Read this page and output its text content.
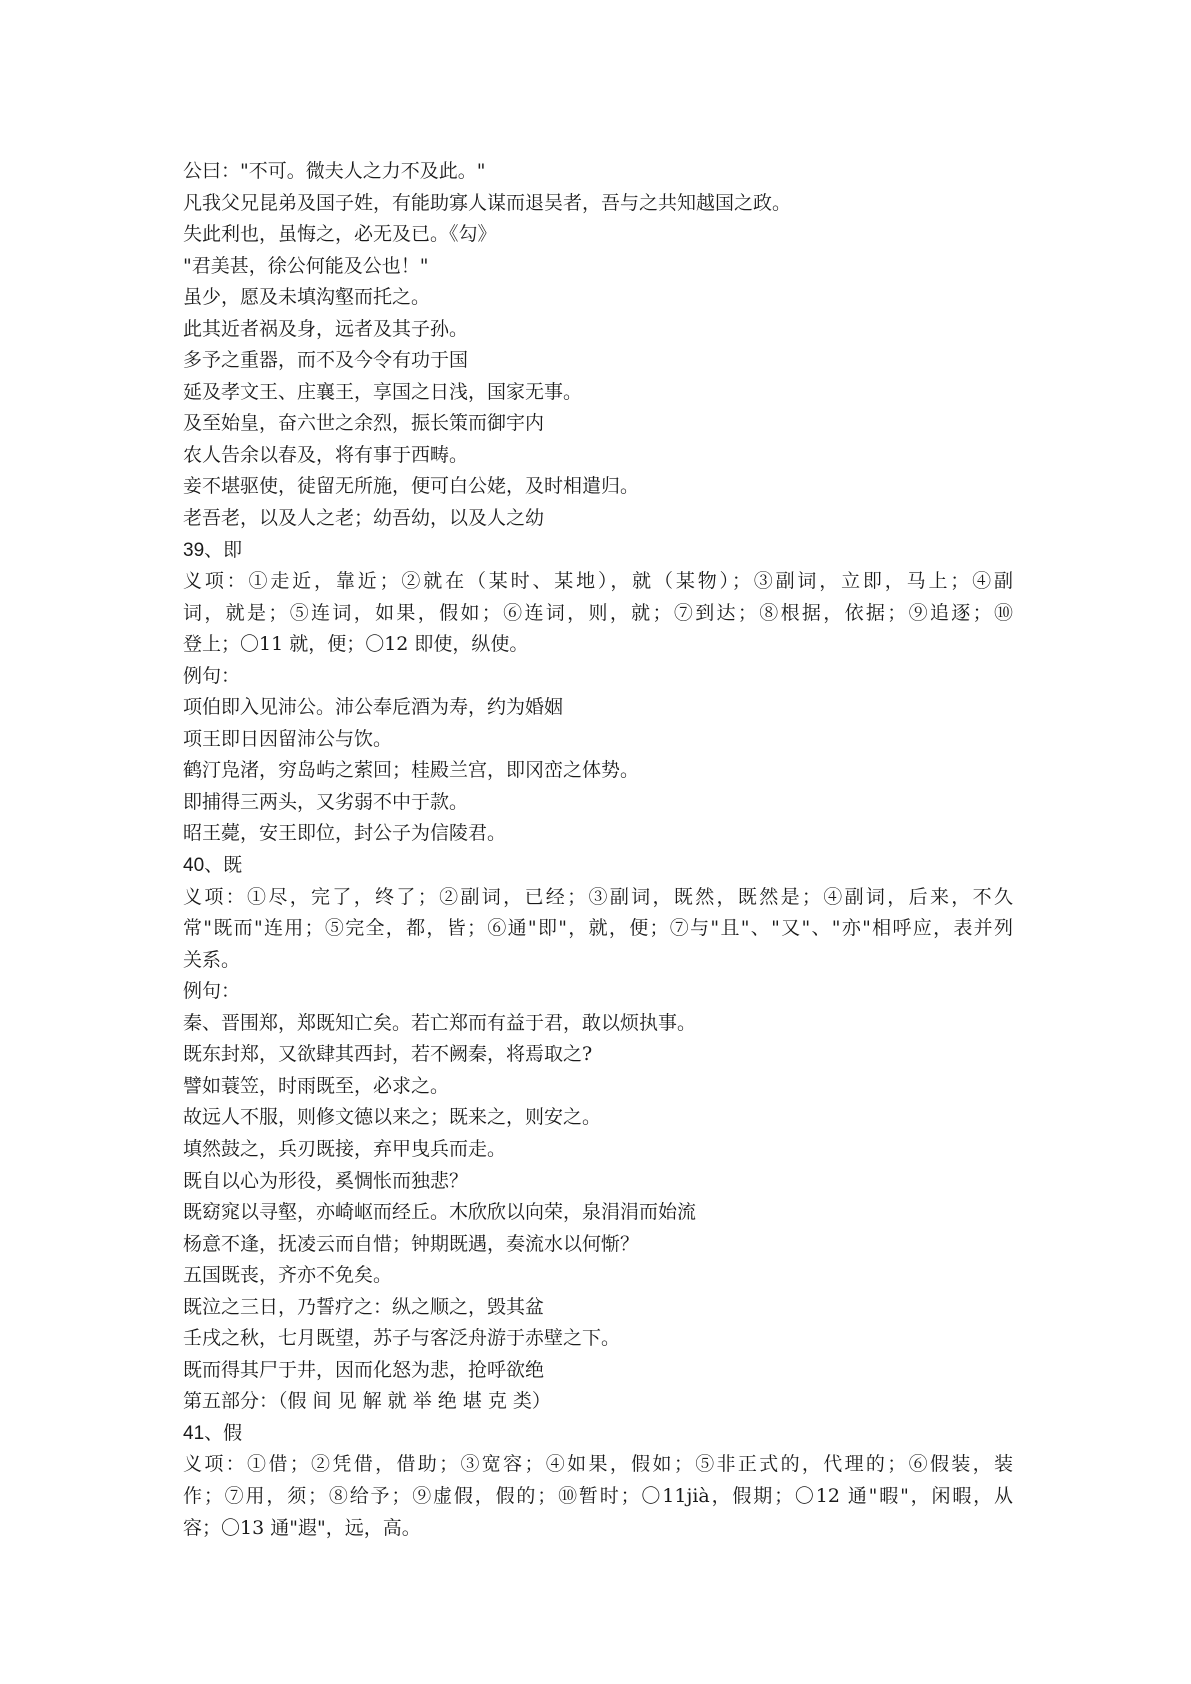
公曰："不可。微夫人之力不及此。"
凡我父兄昆弟及国子姓，有能助寡人谋而退吴者，吾与之共知越国之政。
失此利也，虽悔之，必无及已。《勾》
"君美甚，徐公何能及公也！"
虽少，愿及未填沟壑而托之。
此其近者祸及身，远者及其子孙。
多予之重器，而不及今令有功于国
延及孝文王、庄襄王，享国之日浅，国家无事。
及至始皇，奋六世之余烈，振长策而御宇内
农人告余以春及，将有事于西畴。
妾不堪驱使，徒留无所施，便可白公姥，及时相遣归。
老吾老，以及人之老；幼吾幼，以及人之幼
39、即
义项：①走近，靠近；②就在（某时、某地），就（某物）；③副词，立即，马上；④副
词，就是；⑤连词，如果，假如；⑥连词，则，就；⑦到达；⑧根据，依据；⑨追逐；⑩
登上；〇11 就，便；〇12 即使，纵使。
例句：
项伯即入见沛公。沛公奉卮酒为寿，约为婚姻
项王即日因留沛公与饮。
鹤汀凫渚，穷岛屿之萦回；桂殿兰宫，即冈峦之体势。
即捕得三两头，又劣弱不中于款。
昭王薨，安王即位，封公子为信陵君。
40、既
义项：①尽，完了，终了；②副词，已经；③副词，既然，既然是；④副词，后来，不久
常"既而"连用；⑤完全，都，皆；⑥通"即"，就，便；⑦与"且"、"又"、"亦"相呼应，表并列
关系。
例句：
秦、晋围郑，郑既知亡矣。若亡郑而有益于君，敢以烦执事。
既东封郑，又欲肆其西封，若不阙秦，将焉取之?
譬如蓑笠，时雨既至，必求之。
故远人不服，则修文德以来之；既来之，则安之。
填然鼓之，兵刃既接，弃甲曳兵而走。
既自以心为形役，奚惆怅而独悲？
既窈窕以寻壑，亦崎岖而经丘。木欣欣以向荣，泉涓涓而始流
杨意不逢，抚凌云而自惜；钟期既遇，奏流水以何惭？
五国既丧，齐亦不免矣。
既泣之三日，乃誓疗之：纵之顺之，毁其盆
壬戌之秋，七月既望，苏子与客泛舟游于赤壁之下。
既而得其尸于井，因而化怒为悲，抢呼欲绝
第五部分：（假 间 见 解 就 举 绝 堪 克 类）
41、假
义项：①借；②凭借，借助；③宽容；④如果，假如；⑤非正式的，代理的；⑥假装，装
作；⑦用，须；⑧给予；⑨虚假，假的；⑩暂时；〇11jià，假期；〇12 通"暇"，闲暇，从
容；〇13 通"遐"，远，高。
